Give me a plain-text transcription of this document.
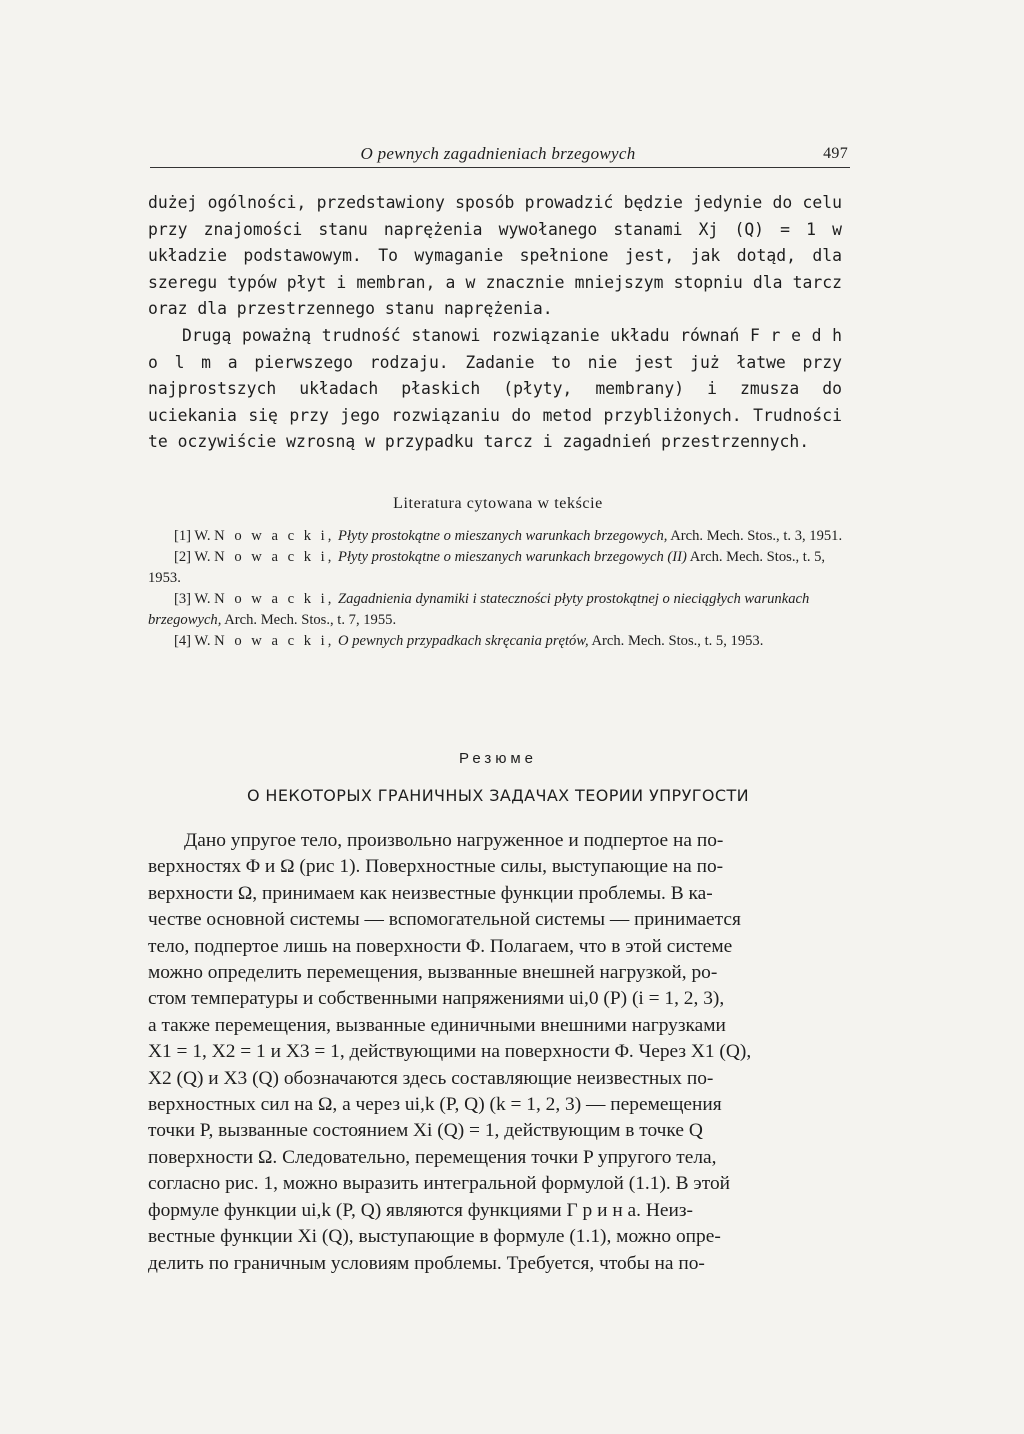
O pewnych zagadnieniach brzegowych	497

dużej ogólności, przedstawiony sposób prowadzić będzie jedynie do celu przy znajomości stanu naprężenia wywołanego stanami Xj (Q) = 1 w układzie podstawowym. To wymaganie spełnione jest, jak dotąd, dla szeregu typów płyt i membran, a w znacznie mniejszym stopniu dla tarcz oraz dla przestrzennego stanu naprężenia.

Drugą poważną trudność stanowi rozwiązanie układu równań F r e d h o l m a pierwszego rodzaju. Zadanie to nie jest już łatwe przy najprostszych układach płaskich (płyty, membrany) i zmusza do uciekania się przy jego rozwiązaniu do metod przybliżonych. Trudności te oczywiście wzrosną w przypadku tarcz i zagadnień przestrzennych.

Literatura cytowana w tekście

[1] W. N o w a c k i, Płyty prostokątne o mieszanych warunkach brzegowych, Arch. Mech. Stos., t. 3, 1951.

[2] W. N o w a c k i, Płyty prostokątne o mieszanych warunkach brzegowych (II) Arch. Mech. Stos., t. 5, 1953.

[3] W. N o w a c k i, Zagadnienia dynamiki i stateczności płyty prostokątnej o nieciągłych warunkach brzegowych, Arch. Mech. Stos., t. 7, 1955.

[4] W. N o w a c k i, O pewnych przypadkach skręcania prętów, Arch. Mech. Stos., t. 5, 1953.

Резюме
О НЕКОТОРЫХ ГРАНИЧНЫХ ЗАДАЧАХ ТЕОРИИ УПРУГОСТИ
Дано упругое тело, произвольно нагруженное и подпертое на по-
верхностях Φ и Ω (рис 1). Поверхностные силы, выступающие на по-
верхности Ω, принимаем как неизвестные функции проблемы. В ка-
честве основной системы — вспомогательной системы — принимается
тело, подпертое лишь на поверхности Φ. Полагаем, что в этой системе
можно определить перемещения, вызванные внешней нагрузкой, ро-
стом температуры и собственными напряжениями ui,0 (P) (i = 1, 2, 3),
а также перемещения, вызванные единичными внешними нагрузками
X1 = 1, X2 = 1 и X3 = 1, действующими на поверхности Φ. Через X1 (Q),
X2 (Q) и X3 (Q) обозначаются здесь составляющие неизвестных по-
верхностных сил на Ω, а через ui,k (P, Q) (k = 1, 2, 3) — перемещения
точки P, вызванные состоянием Xi (Q) = 1, действующим в точке Q
поверхности Ω. Следовательно, перемещения точки P упругого тела,
согласно рис. 1, можно выразить интегральной формулой (1.1). В этой
формуле функции ui,k (P, Q) являются функциями Г р и н а. Неиз-
вестные функции Xi (Q), выступающие в формуле (1.1), можно опре-
делить по граничным условиям проблемы. Требуется, чтобы на по-
